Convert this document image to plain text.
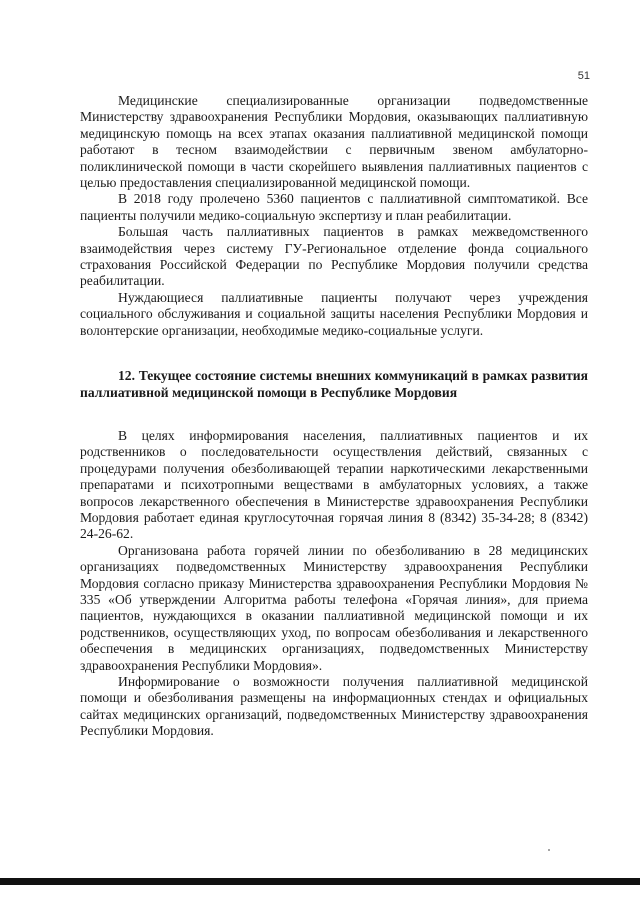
51

Медицинские специализированные организации подведомственные Министерству здравоохранения Республики Мордовия, оказывающих паллиативную медицинскую помощь на всех этапах оказания паллиативной медицинской помощи работают в тесном взаимодействии с первичным звеном амбулаторно-поликлинической помощи в части скорейшего выявления паллиативных пациентов с целью предоставления специализированной медицинской помощи.

В 2018 году пролечено 5360 пациентов с паллиативной симптоматикой. Все пациенты получили медико-социальную экспертизу и план реабилитации.

Большая часть паллиативных пациентов в рамках межведомственного взаимодействия через систему ГУ-Региональное отделение фонда социального страхования Российской Федерации по Республике Мордовия получили средства реабилитации.

Нуждающиеся паллиативные пациенты получают через учреждения социального обслуживания и социальной защиты населения Республики Мордовия и волонтерские организации, необходимые медико-социальные услуги.

12. Текущее состояние системы внешних коммуникаций в рамках развития паллиативной медицинской помощи в Республике Мордовия

В целях информирования населения, паллиативных пациентов и их родственников о последовательности осуществления действий, связанных с процедурами получения обезболивающей терапии наркотическими лекарственными препаратами и психотропными веществами в амбулаторных условиях, а также вопросов лекарственного обеспечения в Министерстве здравоохранения Республики Мордовия работает единая круглосуточная горячая линия 8 (8342) 35-34-28; 8 (8342) 24-26-62.

Организована работа горячей линии по обезболиванию в 28 медицинских организациях подведомственных Министерству здравоохранения Республики Мордовия согласно приказу Министерства здравоохранения Республики Мордовия № 335 «Об утверждении Алгоритма работы телефона «Горячая линия», для приема пациентов, нуждающихся в оказании паллиативной медицинской помощи и их родственников, осуществляющих уход, по вопросам обезболивания и лекарственного обеспечения в медицинских организациях, подведомственных Министерству здравоохранения Республики Мордовия».

Информирование о возможности получения паллиативной медицинской помощи и обезболивания размещены на информационных стендах и официальных сайтах медицинских организаций, подведомственных Министерству здравоохранения Республики Мордовия.
